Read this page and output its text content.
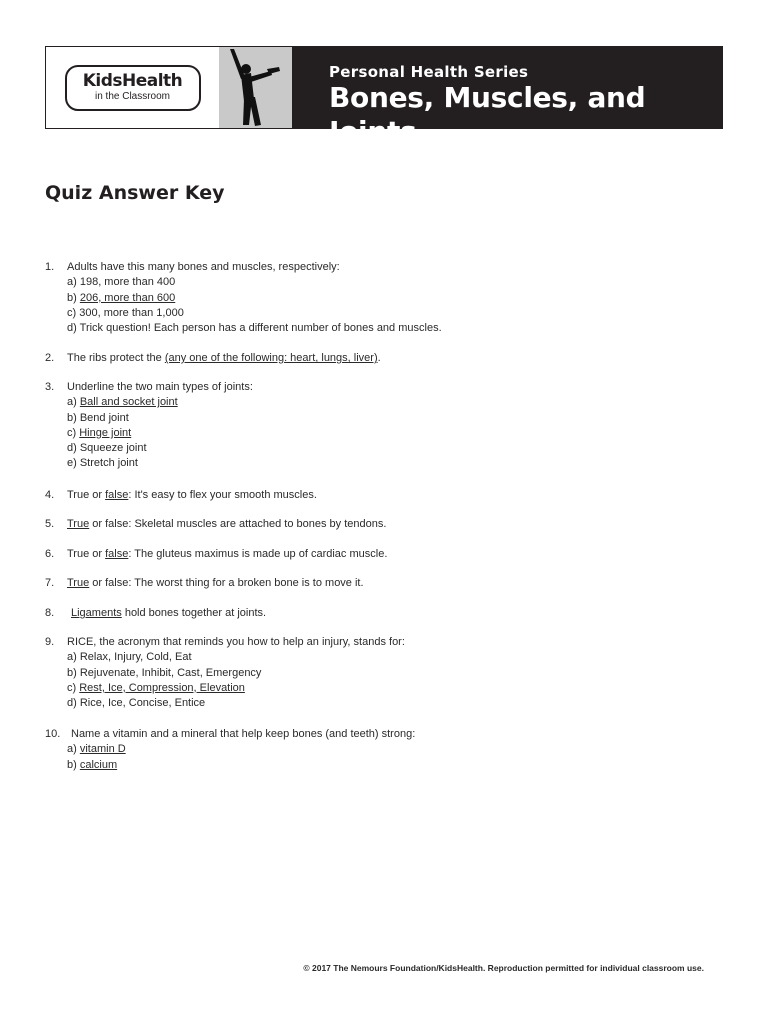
KidsHealth
in the Classroom
Personal Health Series
Bones, Muscles, and Joints
Quiz Answer Key
1. Adults have this many bones and muscles, respectively:
a) 198, more than 400
b) 206, more than 600
c) 300, more than 1,000
d) Trick question! Each person has a different number of bones and muscles.
2. The ribs protect the (any one of the following: heart, lungs, liver).
3. Underline the two main types of joints:
a) Ball and socket joint
b) Bend joint
c) Hinge joint
d) Squeeze joint
e) Stretch joint
4. True or false: It's easy to flex your smooth muscles.
5. True or false: Skeletal muscles are attached to bones by tendons.
6. True or false: The gluteus maximus is made up of cardiac muscle.
7. True or false: The worst thing for a broken bone is to move it.
8. Ligaments hold bones together at joints.
9. RICE, the acronym that reminds you how to help an injury, stands for:
a) Relax, Injury, Cold, Eat
b) Rejuvenate, Inhibit, Cast, Emergency
c) Rest, Ice, Compression, Elevation
d) Rice, Ice, Concise, Entice
10. Name a vitamin and a mineral that help keep bones (and teeth) strong:
a) vitamin D
b) calcium
© 2017 The Nemours Foundation/KidsHealth. Reproduction permitted for individual classroom use.
